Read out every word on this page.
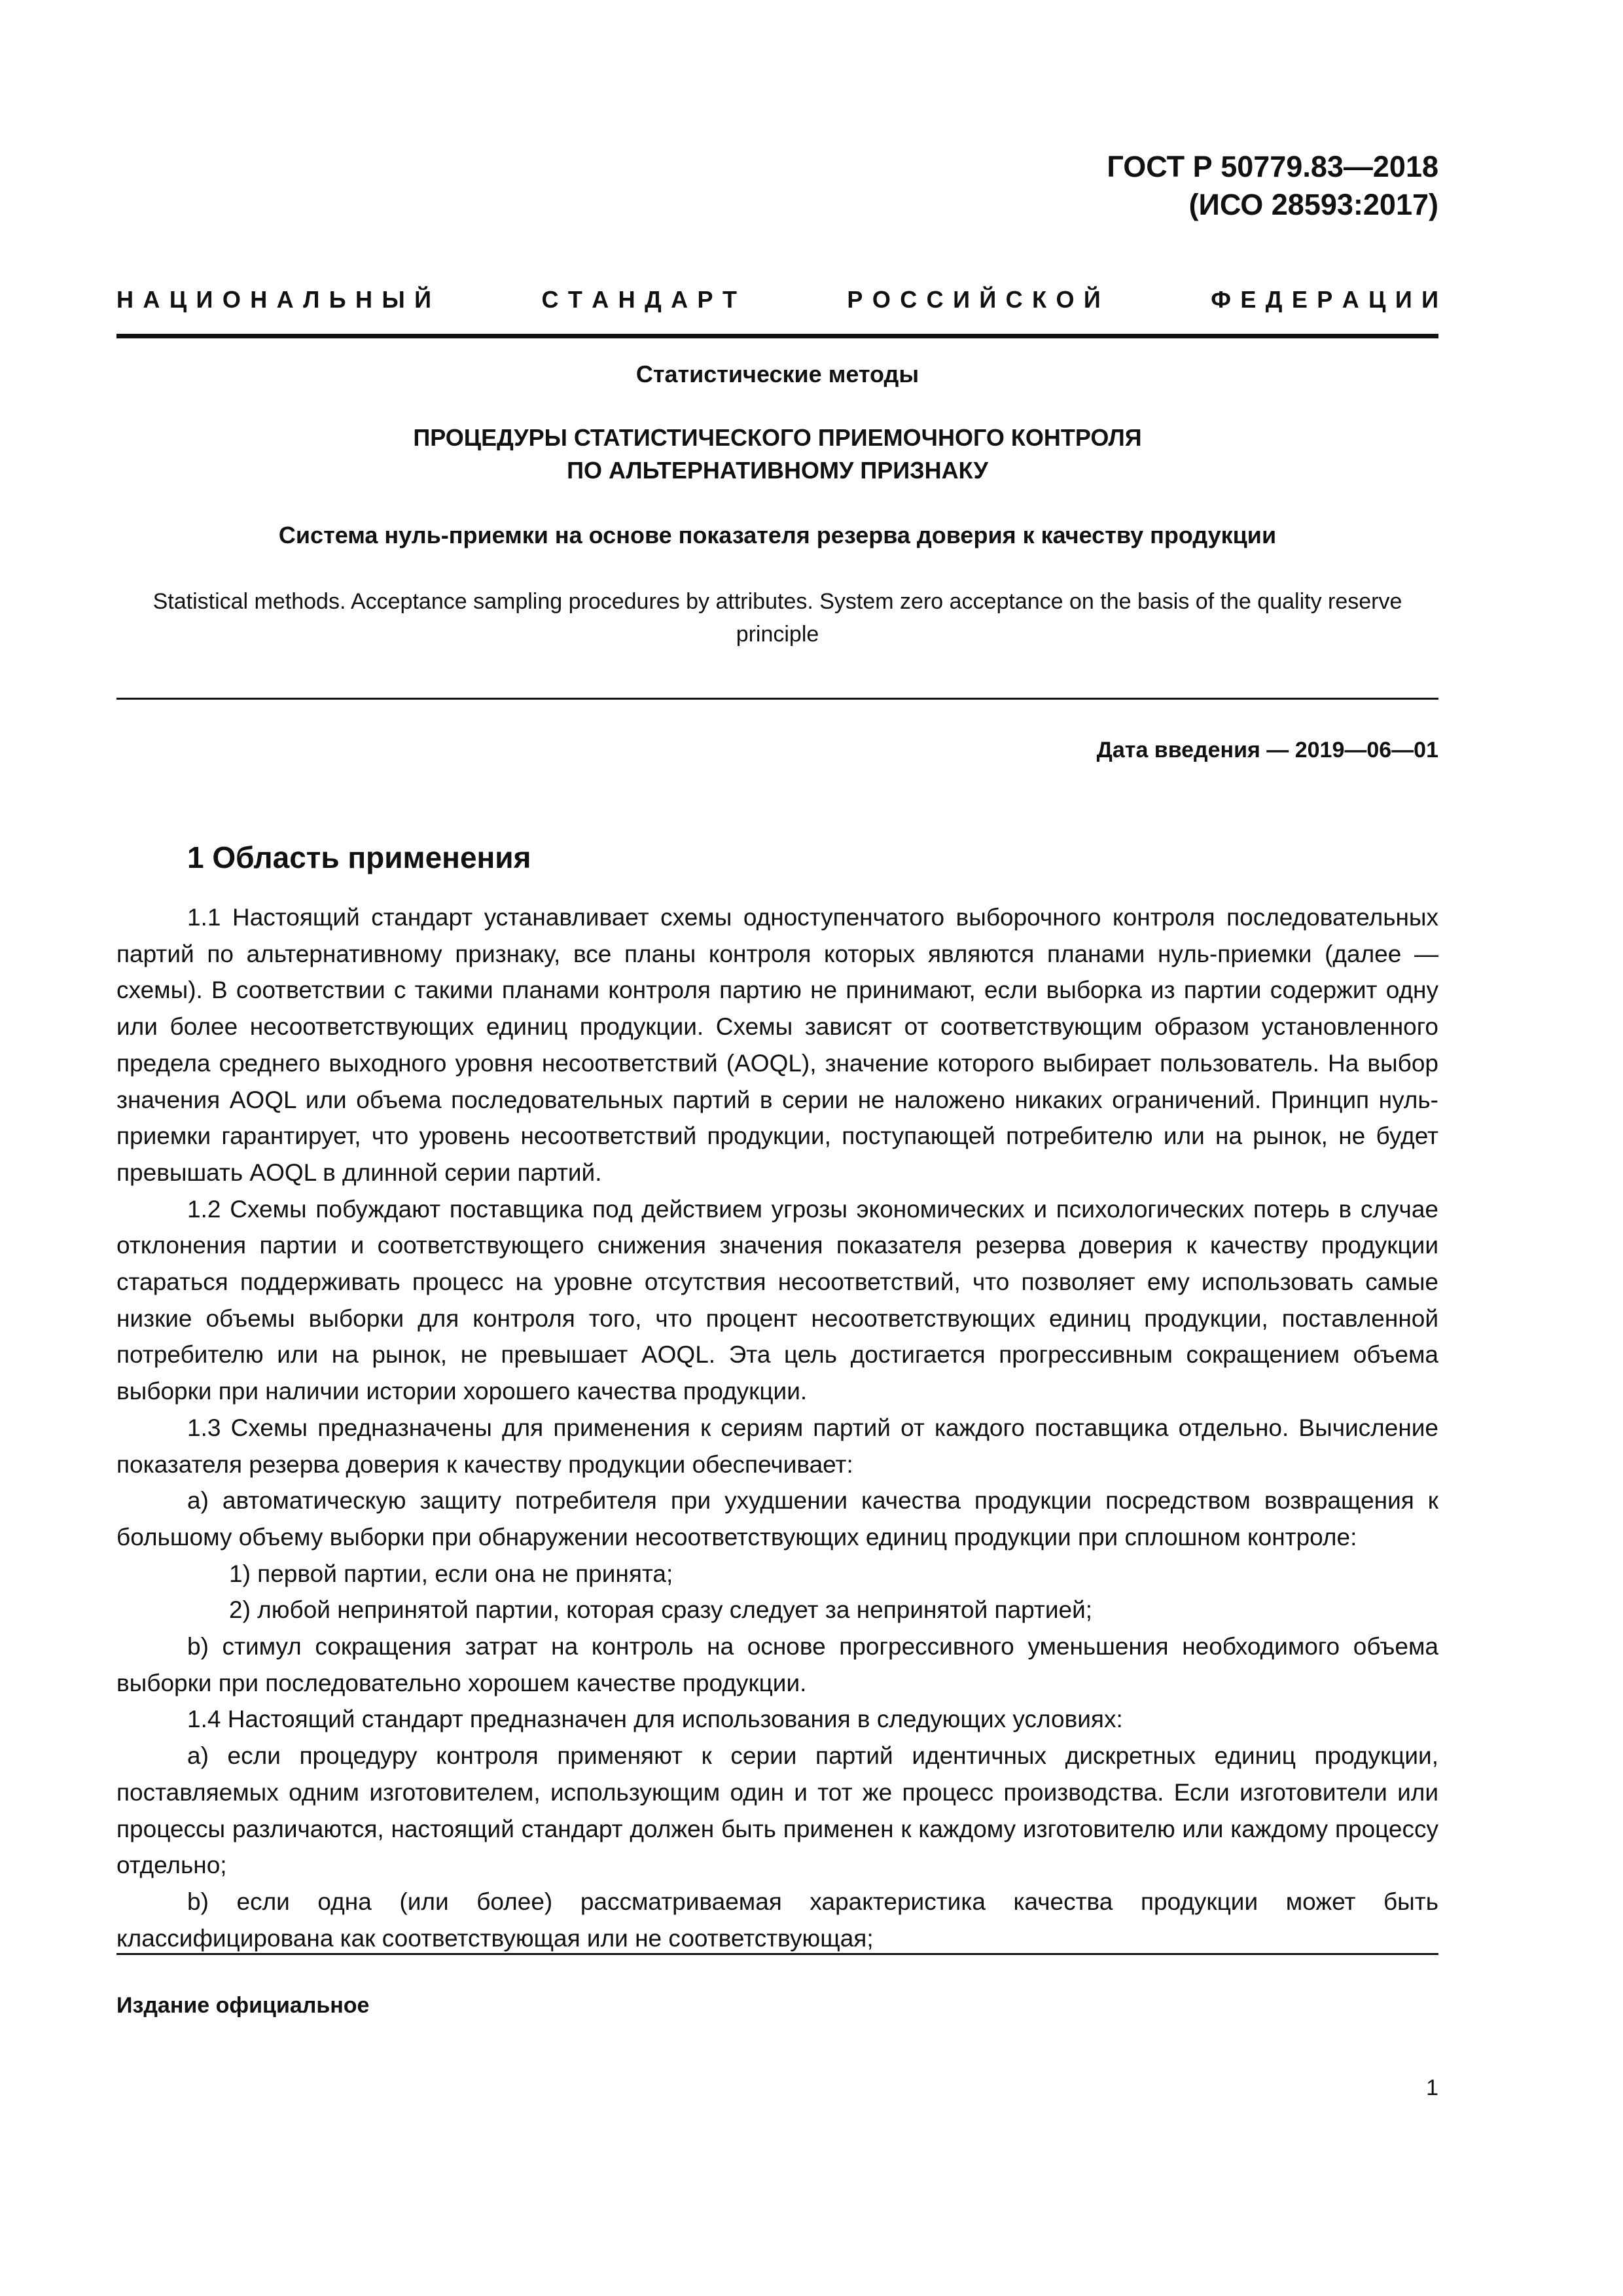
ГОСТ Р 50779.83—2018
(ИСО 28593:2017)
Н  А  Ц  И  О  Н  А  Л  Ь  Н  Ы  Й	С  Т  А  Н  Д  А  Р  Т	Р  О  С  С  И  Й  С  К  О  Й	Ф  Е  Д  Е  Р  А  Ц  И  И
Статистические методы
ПРОЦЕДУРЫ СТАТИСТИЧЕСКОГО ПРИЕМОЧНОГО КОНТРОЛЯ
ПО АЛЬТЕРНАТИВНОМУ ПРИЗНАКУ
Система нуль-приемки на основе показателя резерва доверия к качеству продукции
Statistical methods. Acceptance sampling procedures by attributes. System zero acceptance on the basis of the quality reserve principle
Дата введения — 2019—06—01
1 Область применения

1.1 Настоящий стандарт устанавливает схемы одноступенчатого выборочного контроля последовательных партий по альтернативному признаку, все планы контроля которых являются планами нуль-приемки (далее — схемы). В соответствии с такими планами контроля партию не принимают, если выборка из партии содержит одну или более несоответствующих единиц продукции. Схемы зависят от соответствующим образом установленного предела среднего выходного уровня несоответствий (AOQL), значение которого выбирает пользователь. На выбор значения AOQL или объема последовательных партий в серии не наложено никаких ограничений. Принцип нуль-приемки гарантирует, что уровень несоответствий продукции, поступающей потребителю или на рынок, не будет превышать AOQL в длинной серии партий.

1.2 Схемы побуждают поставщика под действием угрозы экономических и психологических потерь в случае отклонения партии и соответствующего снижения значения показателя резерва доверия к качеству продукции стараться поддерживать процесс на уровне отсутствия несоответствий, что позволяет ему использовать самые низкие объемы выборки для контроля того, что процент несоответствующих единиц продукции, поставленной потребителю или на рынок, не превышает AOQL. Эта цель достигается прогрессивным сокращением объема выборки при наличии истории хорошего качества продукции.

1.3 Схемы предназначены для применения к сериям партий от каждого поставщика отдельно. Вычисление показателя резерва доверия к качеству продукции обеспечивает:

a) автоматическую защиту потребителя при ухудшении качества продукции посредством возвращения к большому объему выборки при обнаружении несоответствующих единиц продукции при сплошном контроле:

1) первой партии, если она не принята;

2) любой непринятой партии, которая сразу следует за непринятой партией;

b) стимул сокращения затрат на контроль на основе прогрессивного уменьшения необходимого объема выборки при последовательно хорошем качестве продукции.

1.4 Настоящий стандарт предназначен для использования в следующих условиях:

a) если процедуру контроля применяют к серии партий идентичных дискретных единиц продукции, поставляемых одним изготовителем, использующим один и тот же процесс производства. Если изготовители или процессы различаются, настоящий стандарт должен быть применен к каждому изготовителю или каждому процессу отдельно;

b) если одна (или более) рассматриваемая характеристика качества продукции может быть классифицирована как соответствующая или не соответствующая;

Издание официальное
1
